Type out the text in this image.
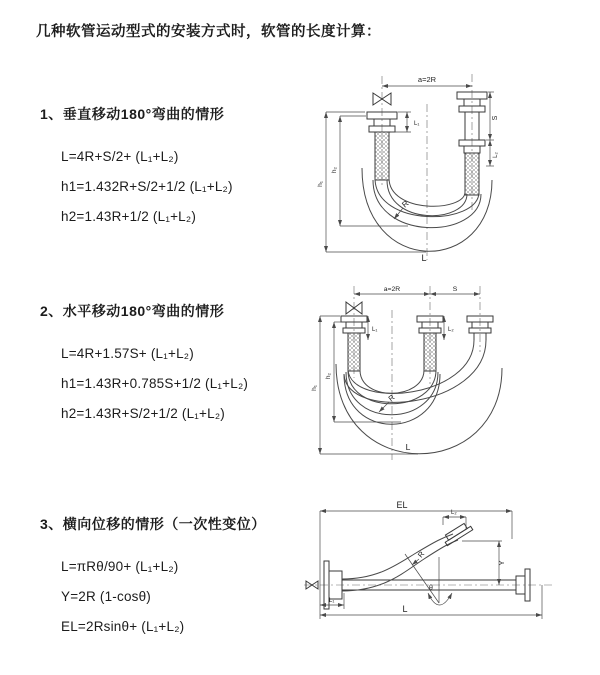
几种软管运动型式的安装方式时，软管的长度计算：
1、垂直移动180°弯曲的情形
L=4R+S/2+ (L₁+L₂)
h1=1.432R+S/2+1/2 (L₁+L₂)
h2=1.43R+1/2 (L₁+L₂)
a=2R
L₁
S
L₂
h₂
h₁
R
L
2、水平移动180°弯曲的情形
L=4R+1.57S+ (L₁+L₂)
h1=1.43R+0.785S+1/2 (L₁+L₂)
h2=1.43R+S/2+1/2 (L₁+L₂)
a=2R	S
L₁	L₂
h₂
h₁
R
L
3、横向位移的情形（一次性变位）
L=πRθ/90+ (L₁+L₂)
Y=2R (1-cosθ)
EL=2Rsinθ+ (L₁+L₂)
EL
L₂
Y
R
θ
L₁
L
